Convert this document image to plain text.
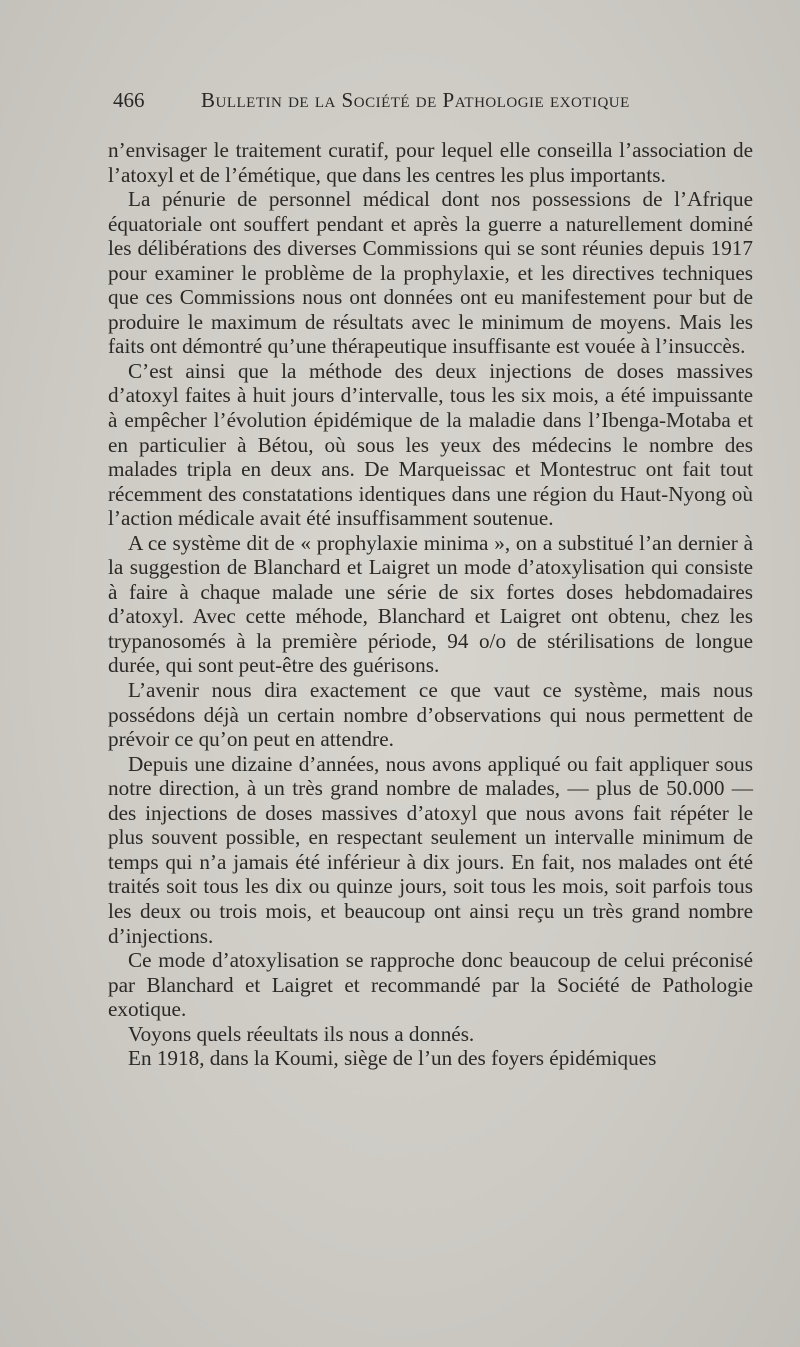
466	Bulletin de la Société de Pathologie exotique

n’envisager le traitement curatif, pour lequel elle conseilla l’association de l’atoxyl et de l’émétique, que dans les centres les plus importants.

La pénurie de personnel médical dont nos possessions de l’Afrique équatoriale ont souffert pendant et après la guerre a naturellement dominé les délibérations des diverses Commissions qui se sont réunies depuis 1917 pour examiner le problème de la prophylaxie, et les directives techniques que ces Commissions nous ont données ont eu manifestement pour but de produire le maximum de résultats avec le minimum de moyens. Mais les faits ont démontré qu’une thérapeutique insuffisante est vouée à l’insuccès.

C’est ainsi que la méthode des deux injections de doses massives d’atoxyl faites à huit jours d’intervalle, tous les six mois, a été impuissante à empêcher l’évolution épidémique de la maladie dans l’Ibenga-Motaba et en particulier à Bétou, où sous les yeux des médecins le nombre des malades tripla en deux ans. De Marqueissac et Montestruc ont fait tout récemment des constatations identiques dans une région du Haut-Nyong où l’action médicale avait été insuffisamment soutenue.

A ce système dit de « prophylaxie minima », on a substitué l’an dernier à la suggestion de Blanchard et Laigret un mode d’atoxylisation qui consiste à faire à chaque malade une série de six fortes doses hebdomadaires d’atoxyl. Avec cette méhode, Blanchard et Laigret ont obtenu, chez les trypanosomés à la première période, 94 o/o de stérilisations de longue durée, qui sont peut-être des guérisons.

L’avenir nous dira exactement ce que vaut ce système, mais nous possédons déjà un certain nombre d’observations qui nous permettent de prévoir ce qu’on peut en attendre.

Depuis une dizaine d’années, nous avons appliqué ou fait appliquer sous notre direction, à un très grand nombre de malades, — plus de 50.000 — des injections de doses massives d’atoxyl que nous avons fait répéter le plus souvent possible, en respectant seulement un intervalle minimum de temps qui n’a jamais été inférieur à dix jours. En fait, nos malades ont été traités soit tous les dix ou quinze jours, soit tous les mois, soit parfois tous les deux ou trois mois, et beaucoup ont ainsi reçu un très grand nombre d’injections.

Ce mode d’atoxylisation se rapproche donc beaucoup de celui préconisé par Blanchard et Laigret et recommandé par la Société de Pathologie exotique.

Voyons quels réeultats ils nous a donnés.

En 1918, dans la Koumi, siège de l’un des foyers épidémiques
